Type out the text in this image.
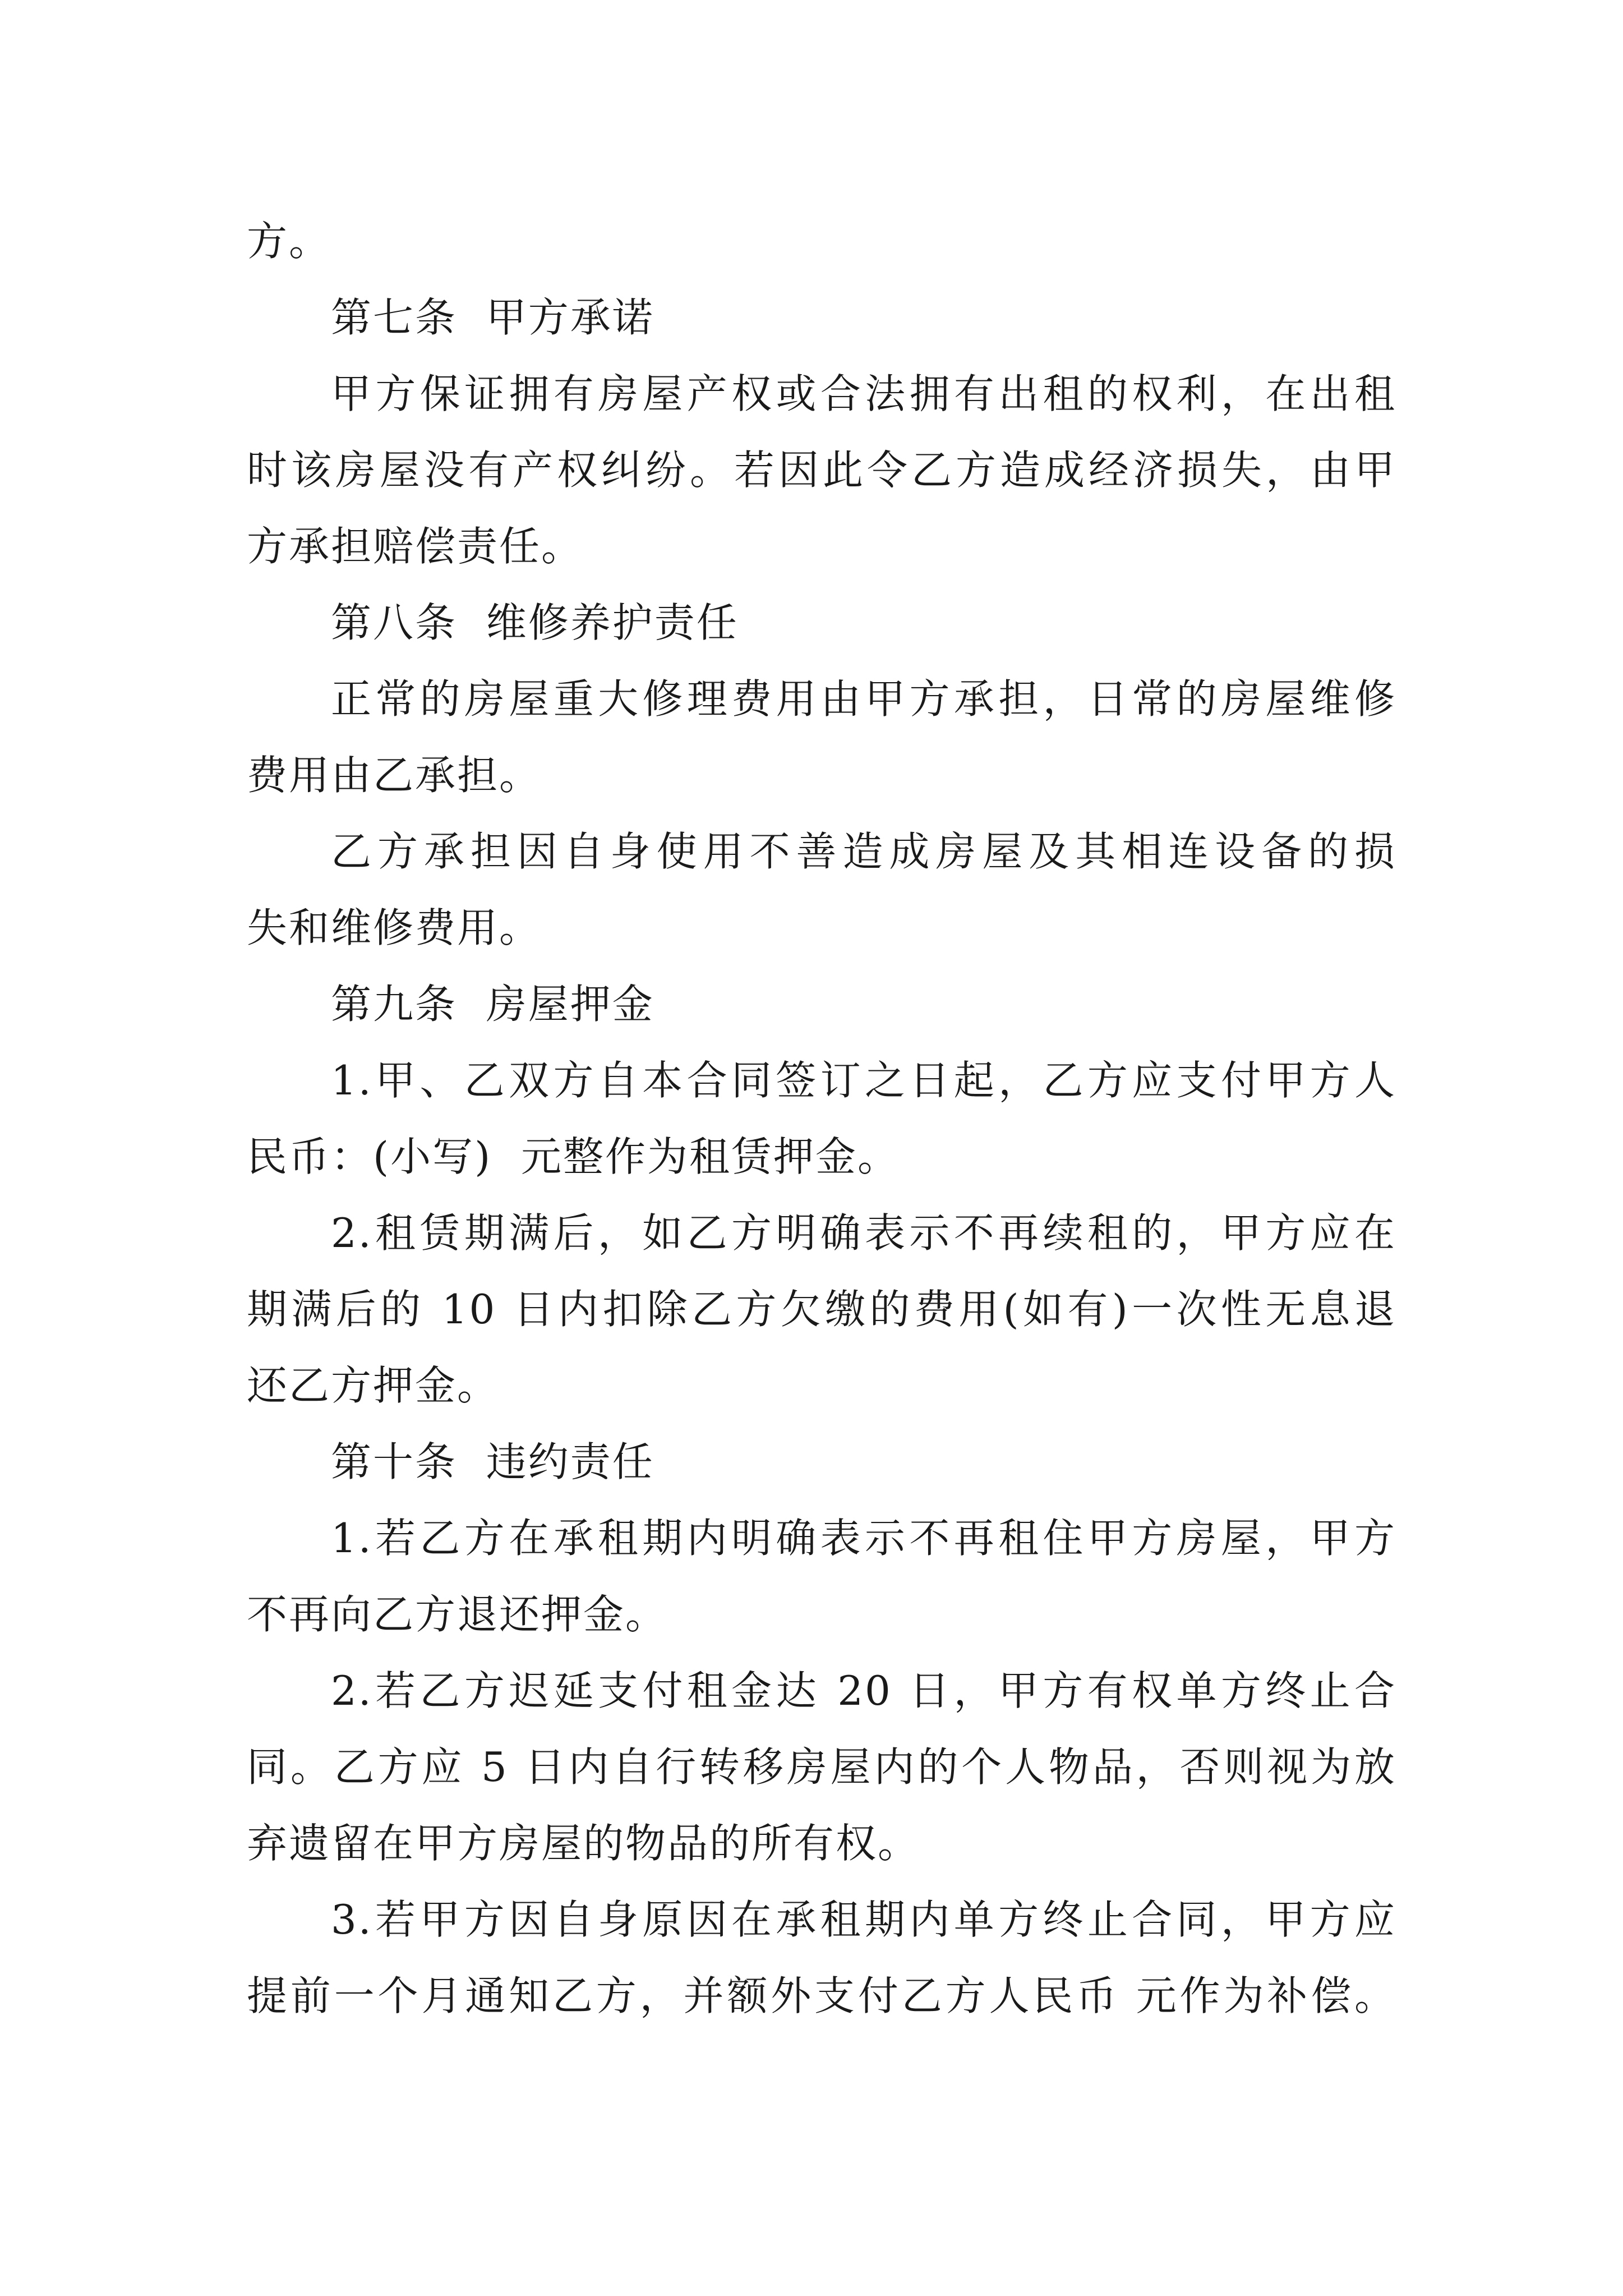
方。
第七条  甲方承诺
甲方保证拥有房屋产权或合法拥有出租的权利，在出租
时该房屋没有产权纠纷。若因此令乙方造成经济损失，由甲
方承担赔偿责任。
第八条  维修养护责任
正常的房屋重大修理费用由甲方承担，日常的房屋维修
费用由乙承担。
乙方承担因自身使用不善造成房屋及其相连设备的损
失和维修费用。
第九条  房屋押金
1.甲、乙双方自本合同签订之日起，乙方应支付甲方人
民币：(小写)  元整作为租赁押金。
2.租赁期满后，如乙方明确表示不再续租的，甲方应在
期满后的 10 日内扣除乙方欠缴的费用(如有)一次性无息退
还乙方押金。
第十条  违约责任
1.若乙方在承租期内明确表示不再租住甲方房屋，甲方
不再向乙方退还押金。
2.若乙方迟延支付租金达 20 日，甲方有权单方终止合
同。乙方应 5 日内自行转移房屋内的个人物品，否则视为放
弃遗留在甲方房屋的物品的所有权。
3.若甲方因自身原因在承租期内单方终止合同，甲方应
提前一个月通知乙方，并额外支付乙方人民币 元作为补偿。
